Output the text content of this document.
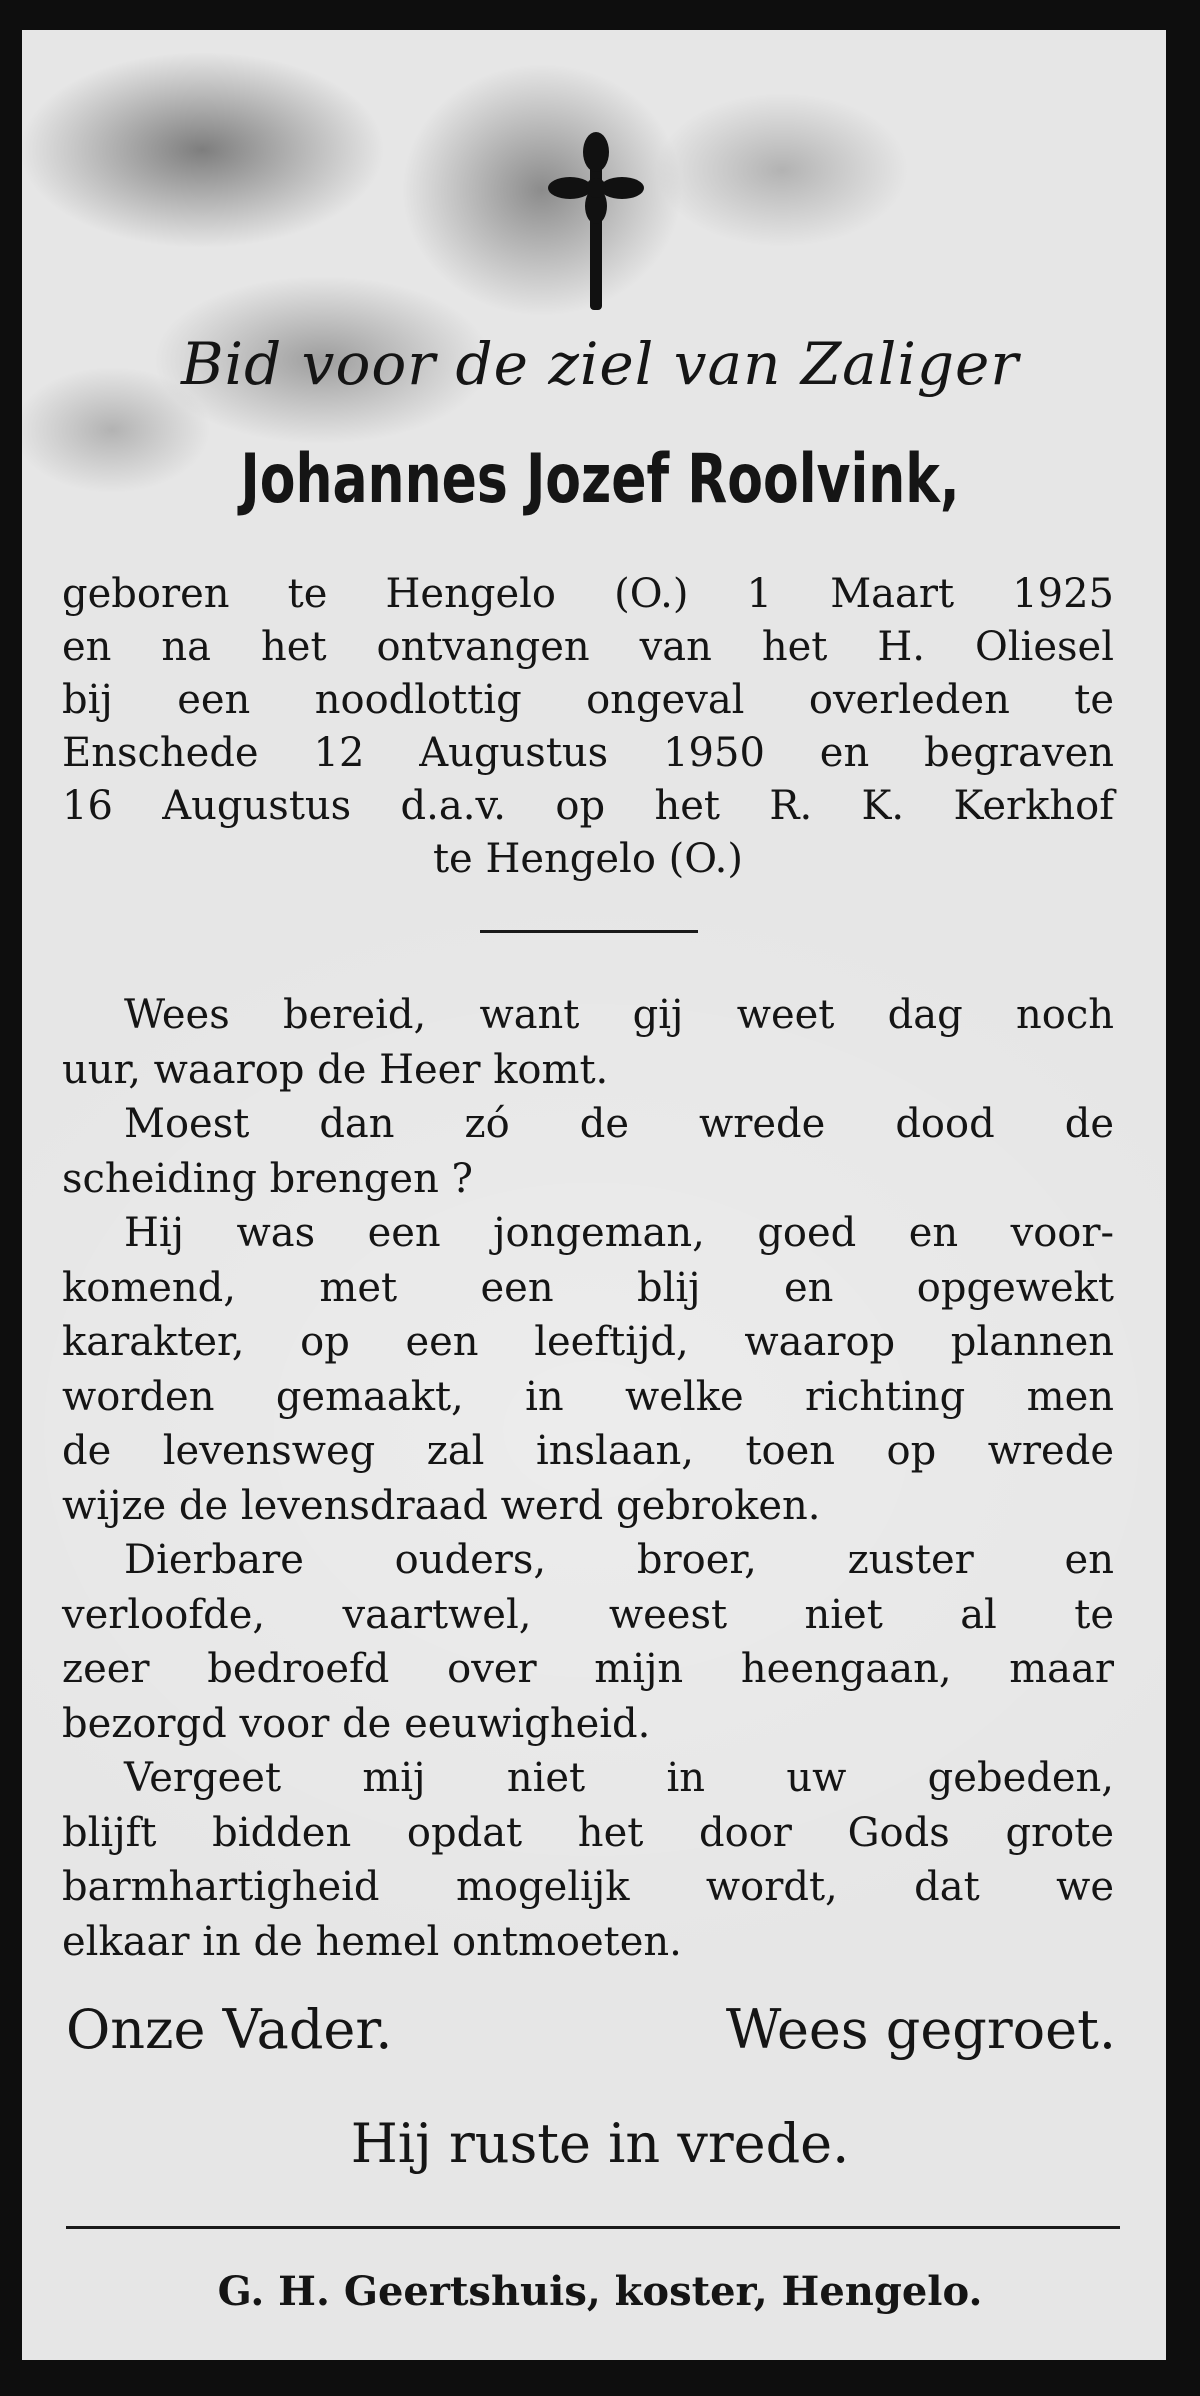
Bid voor de ziel van Zaliger
Johannes Jozef Roolvink,
geboren te Hengelo (O.) 1 Maart 1925
en na het ontvangen van het H. Oliesel
bij een noodlottig ongeval overleden te
Enschede 12 Augustus 1950 en begraven
16 Augustus d.a.v. op het R. K. Kerkhof
te Hengelo (O.)
Wees bereid, want gij weet dag noch
uur, waarop de Heer komt.
Moest dan zó de wrede dood de
scheiding brengen ?
Hij was een jongeman, goed en voor-
komend, met een blij en opgewekt
karakter, op een leeftijd, waarop plannen
worden gemaakt, in welke richting men
de levensweg zal inslaan, toen op wrede
wijze de levensdraad werd gebroken.
Dierbare ouders, broer, zuster en
verloofde, vaartwel, weest niet al te
zeer bedroefd over mijn heengaan, maar
bezorgd voor de eeuwigheid.
Vergeet mij niet in uw gebeden,
blijft bidden opdat het door Gods grote
barmhartigheid mogelijk wordt, dat we
elkaar in de hemel ontmoeten.
Onze Vader.	Wees gegroet.
Hij ruste in vrede.
G. H. Geertshuis, koster, Hengelo.
